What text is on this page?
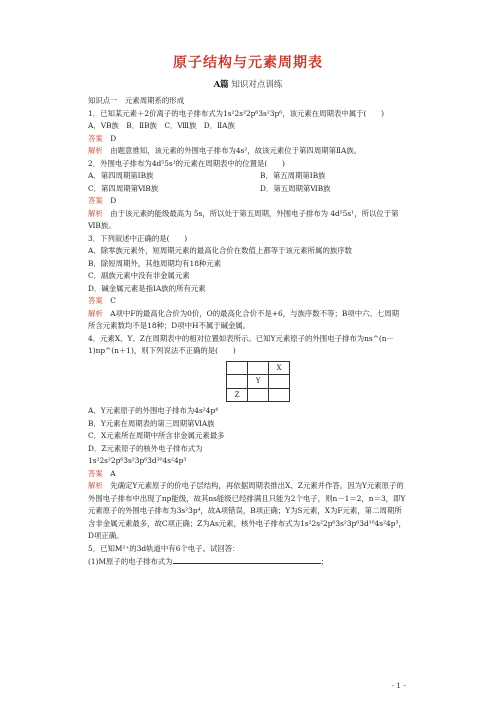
原子结构与元素周期表
A篇 知识对点训练
知识点一　元素周期系的形成
1．已知某元素＋2价离子的电子排布式为1s²2s²2p⁶3s²3p⁶，该元素在周期表中属于(　　)
A．ⅤB族　B．ⅡB族　C．Ⅷ族　D．ⅡA族
答案　 D
解析　 由题意推知，该元素的外围电子排布为4s²，故该元素位于第四周期第ⅡA族。
2．外围电子排布为4d⁵5s¹的元素在周期表中的位置是(　　)
A．第四周期第ⅠB族	B．第五周期第ⅠB族
C．第四周期第ⅥB族	D．第五周期第ⅥB族
答案　 D
解析　 由于该元素的能级最高为 5s，所以处于第五周期，外围电子排布为 4d⁵5s¹，所以位于第ⅥB族。
3．下列叙述中正确的是(　　)
A．除零族元素外，短周期元素的最高化合价在数值上都等于该元素所属的族序数
B．除短周期外，其他周期均有18种元素
C．副族元素中没有非金属元素
D．碱金属元素是指ⅠA族的所有元素
答案　 C
解析　 A项中F的最高化合价为0价，O的最高化合价不是+6，与族序数不等；B项中六、七周期所含元素数均不是18种；D项中H不属于碱金属。
4．元素X、Y、Z在周期表中的相对位置如表所示。已知Y元素原子的外围电子排布为ns^(n－1)np^(n＋1)，则下列说法不正确的是(　　)
		X
	Y	
Z		
A．Y元素原子的外围电子排布为4s²4p⁴
B．Y元素在周期表的第三周期第ⅥA族
C．X元素所在周期中所含非金属元素最多
D．Z元素原子的核外电子排布式为
1s²2s²2p⁶3s²3p⁶3d¹⁰4s²4p³
答案　 A
解析　 先确定Y元素原子的价电子层结构，再依据周期表推出X、Z元素并作答。因为Y元素原子的外围电子排布中出现了np能级，故其ns能级已经排满且只能为2个电子，则n－1＝2，n＝3，即Y元素原子的外围电子排布为3s²3p⁴，故A项错误，B项正确；Y为S元素，X为F元素，第二周期所含非金属元素最多，故C项正确；Z为As元素，核外电子排布式为1s²2s²2p⁶3s²3p⁶3d¹⁰4s²4p³，D项正确。
5．已知M²⁺的3d轨道中有6个电子。试回答：
(1)M原子的电子排布式为	；
- 1 -
